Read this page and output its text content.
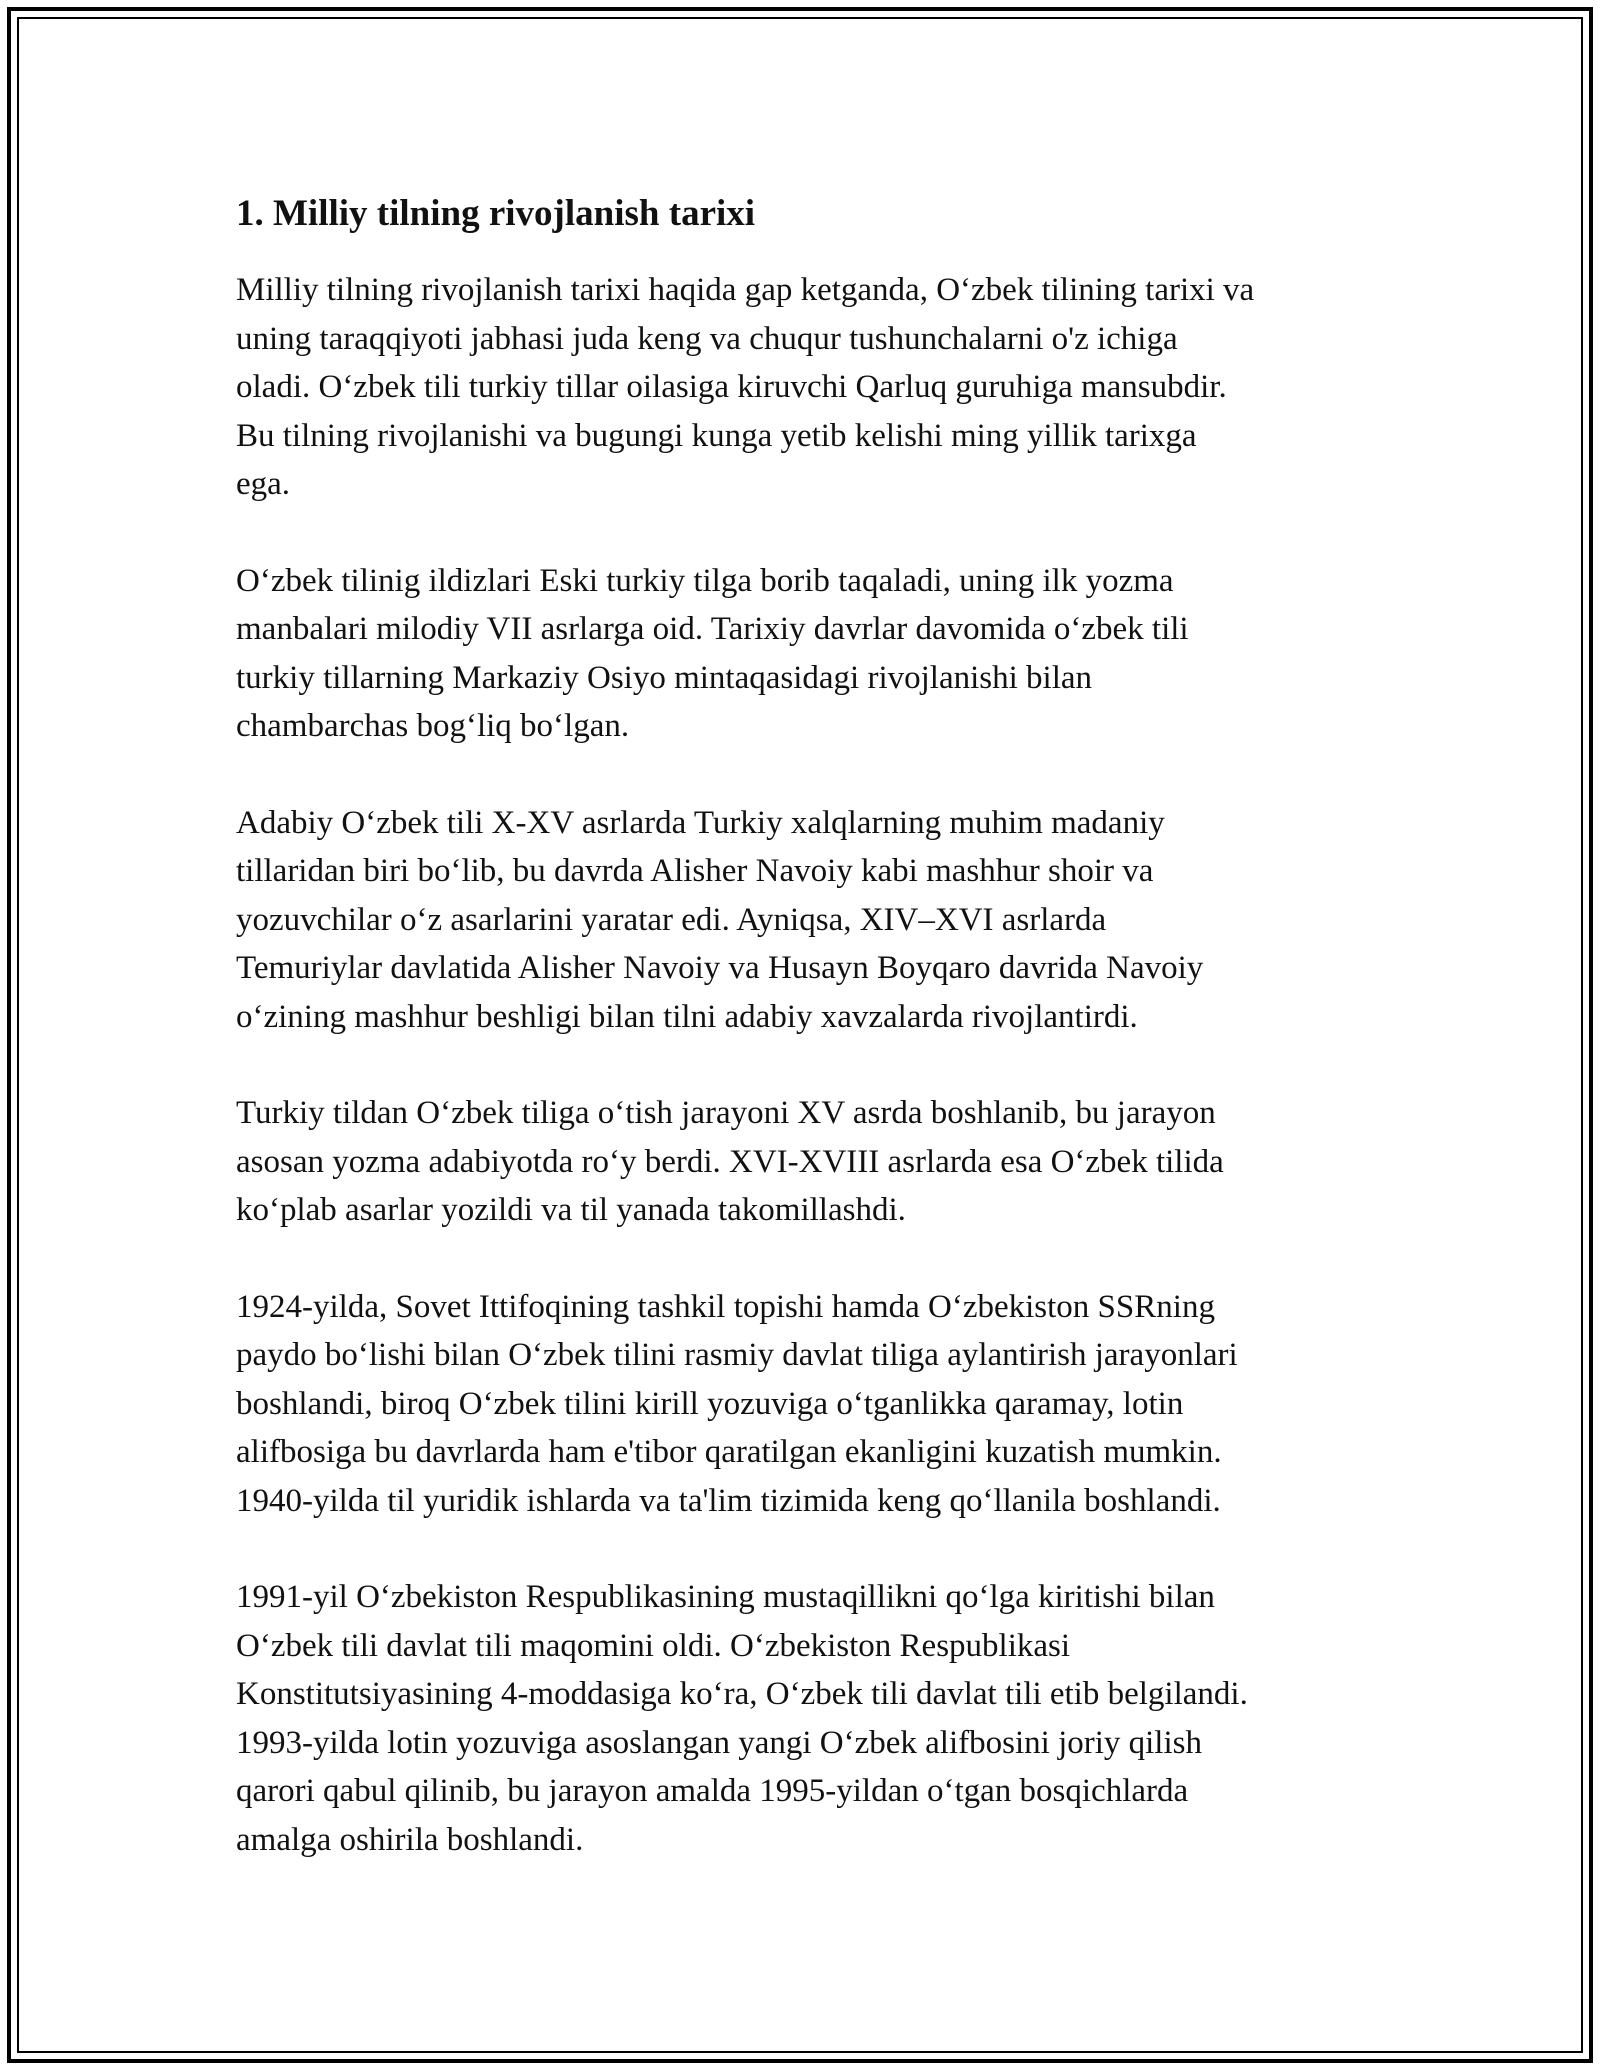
1. Milliy tilning rivojlanish tarixi

Milliy tilning rivojlanish tarixi haqida gap ketganda, Oʻzbek tilining tarixi va
uning taraqqiyoti jabhasi juda keng va chuqur tushunchalarni o'z ichiga
oladi. Oʻzbek tili turkiy tillar oilasiga kiruvchi Qarluq guruhiga mansubdir.
Bu tilning rivojlanishi va bugungi kunga yetib kelishi ming yillik tarixga
ega.

Oʻzbek tilinig ildizlari Eski turkiy tilga borib taqaladi, uning ilk yozma
manbalari milodiy VII asrlarga oid. Tarixiy davrlar davomida oʻzbek tili
turkiy tillarning Markaziy Osiyo mintaqasidagi rivojlanishi bilan
chambarchas bogʻliq boʻlgan.

Adabiy Oʻzbek tili X-XV asrlarda Turkiy xalqlarning muhim madaniy
tillaridan biri boʻlib, bu davrda Alisher Navoiy kabi mashhur shoir va
yozuvchilar oʻz asarlarini yaratar edi. Ayniqsa, XIV–XVI asrlarda
Temuriylar davlatida Alisher Navoiy va Husayn Boyqaro davrida Navoiy
oʻzining mashhur beshligi bilan tilni adabiy xavzalarda rivojlantirdi.

Turkiy tildan Oʻzbek tiliga oʻtish jarayoni XV asrda boshlanib, bu jarayon
asosan yozma adabiyotda roʻy berdi. XVI-XVIII asrlarda esa Oʻzbek tilida
koʻplab asarlar yozildi va til yanada takomillashdi.

1924-yilda, Sovet Ittifoqining tashkil topishi hamda Oʻzbekiston SSRning
paydo boʻlishi bilan Oʻzbek tilini rasmiy davlat tiliga aylantirish jarayonlari
boshlandi, biroq Oʻzbek tilini kirill yozuviga oʻtganlikka qaramay, lotin
alifbosiga bu davrlarda ham e'tibor qaratilgan ekanligini kuzatish mumkin.
1940-yilda til yuridik ishlarda va ta'lim tizimida keng qoʻllanila boshlandi.

1991-yil Oʻzbekiston Respublikasining mustaqillikni qoʻlga kiritishi bilan
Oʻzbek tili davlat tili maqomini oldi. Oʻzbekiston Respublikasi
Konstitutsiyasining 4-moddasiga koʻra, Oʻzbek tili davlat tili etib belgilandi.
1993-yilda lotin yozuviga asoslangan yangi Oʻzbek alifbosini joriy qilish
qarori qabul qilinib, bu jarayon amalda 1995-yildan oʻtgan bosqichlarda
amalga oshirila boshlandi.
